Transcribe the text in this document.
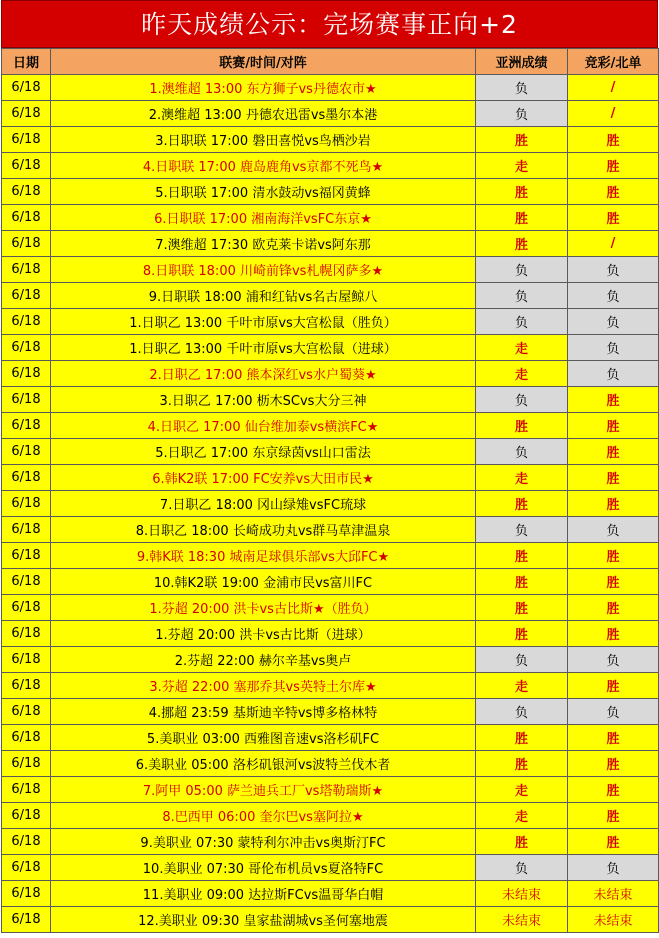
昨天成绩公示：完场赛事正向+2
日期	联赛/时间/对阵	亚洲成绩	竞彩/北单
6/18	1.澳维超 13:00 东方狮子vs丹德农市★	负	/
6/18	2.澳维超 13:00 丹德农迅雷vs墨尔本港	负	/
6/18	3.日职联 17:00 磐田喜悦vs鸟栖沙岩	胜	胜
6/18	4.日职联 17:00 鹿岛鹿角vs京都不死鸟★	走	胜
6/18	5.日职联 17:00 清水鼓动vs福冈黄蜂	胜	胜
6/18	6.日职联 17:00 湘南海洋vsFC东京★	胜	胜
6/18	7.澳维超 17:30 欧克莱卡诺vs阿东那	胜	/
6/18	8.日职联 18:00 川崎前锋vs札幌冈萨多★	负	负
6/18	9.日职联 18:00 浦和红钻vs名古屋鲸八	负	负
6/18	1.日职乙 13:00 千叶市原vs大宫松鼠（胜负）	负	负
6/18	1.日职乙 13:00 千叶市原vs大宫松鼠（进球）	走	负
6/18	2.日职乙 17:00 熊本深红vs水户蜀葵★	走	负
6/18	3.日职乙 17:00 枥木SCvs大分三神	负	胜
6/18	4.日职乙 17:00 仙台维加泰vs横滨FC★	胜	胜
6/18	5.日职乙 17:00 东京绿茵vs山口雷法	负	胜
6/18	6.韩K2联 17:00 FC安养vs大田市民★	走	胜
6/18	7.日职乙 18:00 冈山绿雉vsFC琉球	胜	胜
6/18	8.日职乙 18:00 长崎成功丸vs群马草津温泉	负	负
6/18	9.韩K联 18:30 城南足球俱乐部vs大邱FC★	胜	胜
6/18	10.韩K2联 19:00 金浦市民vs富川FC	胜	胜
6/18	1.芬超 20:00 洪卡vs古比斯★（胜负）	胜	胜
6/18	1.芬超 20:00 洪卡vs古比斯（进球）	胜	胜
6/18	2.芬超 22:00 赫尔辛基vs奥卢	负	负
6/18	3.芬超 22:00 塞那乔其vs英特土尔库★	走	胜
6/18	4.挪超 23:59 基斯迪辛特vs博多格林特	负	负
6/18	5.美职业 03:00 西雅图音速vs洛杉矶FC	胜	胜
6/18	6.美职业 05:00 洛杉矶银河vs波特兰伐木者	胜	胜
6/18	7.阿甲 05:00 萨兰迪兵工厂vs塔勒瑞斯★	走	胜
6/18	8.巴西甲 06:00 奎尔巴vs塞阿拉★	走	胜
6/18	9.美职业 07:30 蒙特利尔冲击vs奥斯汀FC	胜	胜
6/18	10.美职业 07:30 哥伦布机员vs夏洛特FC	负	负
6/18	11.美职业 09:00 达拉斯FCvs温哥华白帽	未结束	未结束
6/18	12.美职业 09:30 皇家盐湖城vs圣何塞地震	未结束	未结束
